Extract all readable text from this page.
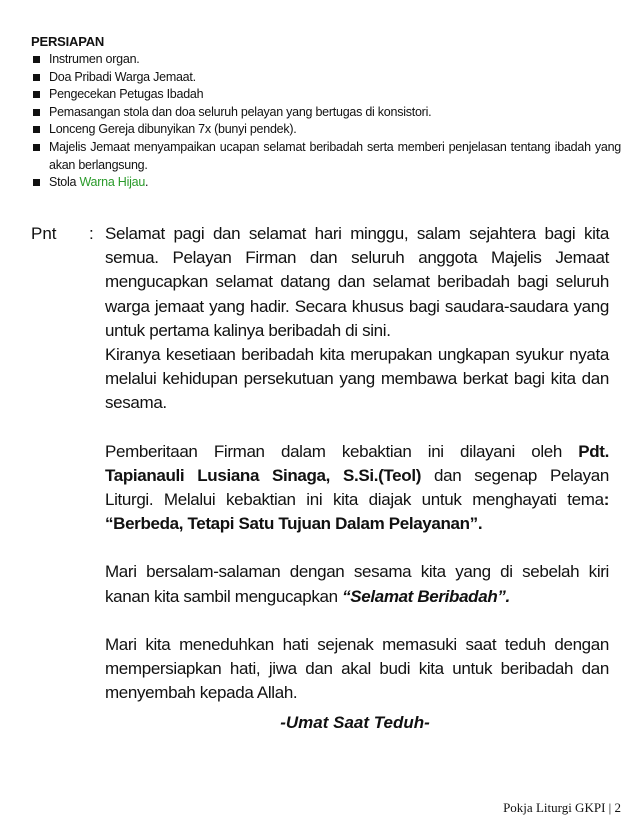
PERSIAPAN
Instrumen organ.
Doa Pribadi Warga Jemaat.
Pengecekan Petugas Ibadah
Pemasangan stola dan doa seluruh pelayan yang bertugas di konsistori.
Lonceng Gereja dibunyikan 7x (bunyi pendek).
Majelis Jemaat menyampaikan ucapan selamat beribadah serta memberi penjelasan tentang ibadah yang akan berlangsung.
Stola Warna Hijau.
Pnt : Selamat pagi dan selamat hari minggu, salam sejahtera bagi kita semua. Pelayan Firman dan seluruh anggota Majelis Jemaat mengucapkan selamat datang dan selamat beribadah bagi seluruh warga jemaat yang hadir. Secara khusus bagi saudara-saudara yang untuk pertama kalinya beribadah di sini.

Kiranya kesetiaan beribadah kita merupakan ungkapan syukur nyata melalui kehidupan persekutuan yang membawa berkat bagi kita dan sesama.

Pemberitaan Firman dalam kebaktian ini dilayani oleh Pdt. Tapianauli Lusiana Sinaga, S.Si.(Teol) dan segenap Pelayan Liturgi. Melalui kebaktian ini kita diajak untuk menghayati tema: “Berbeda, Tetapi Satu Tujuan Dalam Pelayanan”.

Mari bersalam-salaman dengan sesama kita yang di sebelah kiri kanan kita sambil mengucapkan “Selamat Beribadah”.

Mari kita meneduhkan hati sejenak memasuki saat teduh dengan mempersiapkan hati, jiwa dan akal budi kita untuk beribadah dan menyembah kepada Allah.

-Umat Saat Teduh-
Pokja Liturgi GKPI | 2
